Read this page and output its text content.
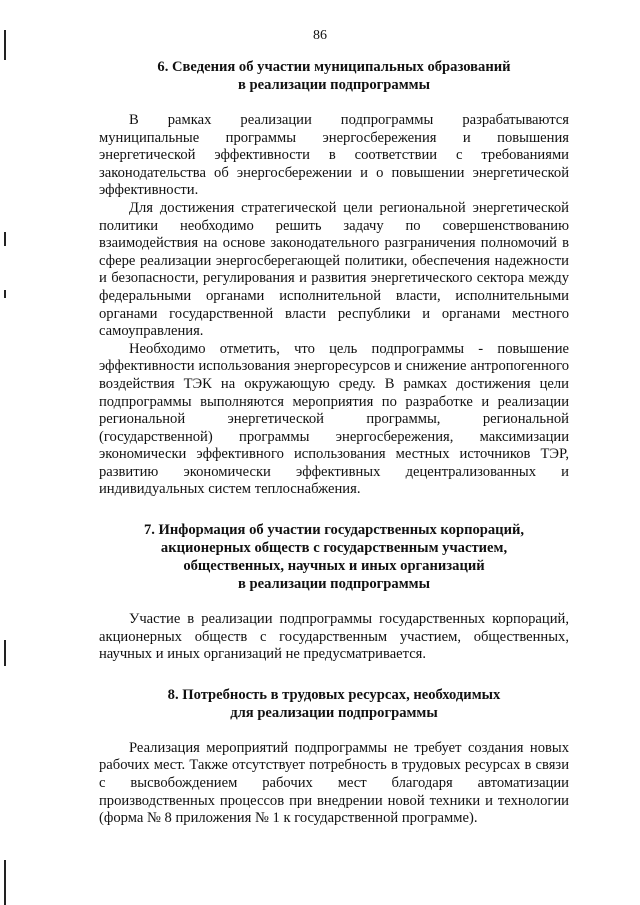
86

6. Сведения об участии муниципальных образований
в реализации подпрограммы

В рамках реализации подпрограммы разрабатываются муниципальные программы энергосбережения и повышения энергетической эффективности в соответствии с требованиями законодательства об энергосбережении и о повышении энергетической эффективности.

Для достижения стратегической цели региональной энергетической политики необходимо решить задачу по совершенствованию взаимодействия на основе законодательного разграничения полномочий в сфере реализации энергосберегающей политики, обеспечения надежности и безопасности, регулирования и развития энергетического сектора между федеральными органами исполнительной власти, исполнительными органами государственной власти республики и органами местного самоуправления.

Необходимо отметить, что цель подпрограммы - повышение эффективности использования энергоресурсов и снижение антропогенного воздействия ТЭК на окружающую среду. В рамках достижения цели подпрограммы выполняются мероприятия по разработке и реализации региональной энергетической программы, региональной (государственной) программы энергосбережения, максимизации экономически эффективного использования местных источников ТЭР, развитию экономически эффективных децентрализованных и индивидуальных систем теплоснабжения.

7. Информация об участии государственных корпораций,
акционерных обществ с государственным участием,
общественных, научных и иных организаций
в реализации подпрограммы

Участие в реализации подпрограммы государственных корпораций, акционерных обществ с государственным участием, общественных, научных и иных организаций не предусматривается.

8. Потребность в трудовых ресурсах, необходимых
для реализации подпрограммы

Реализация мероприятий подпрограммы не требует создания новых рабочих мест. Также отсутствует потребность в трудовых ресурсах в связи с высвобождением рабочих мест благодаря автоматизации производственных процессов при внедрении новой техники и технологии (форма № 8 приложения № 1 к государственной программе).
